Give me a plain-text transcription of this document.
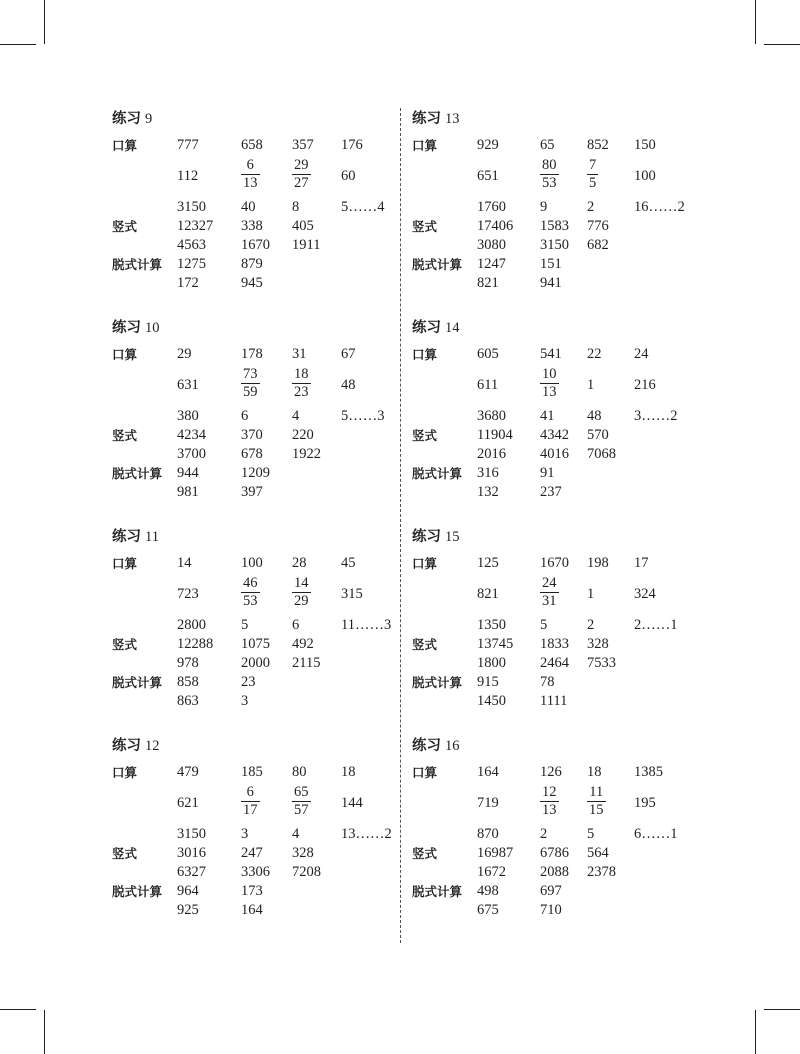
练习 9
口算	777	658 357 176
112	$\frac{6}{13} \frac{29}{27} 60$
3150 40	8	5……4
竖式	12327 338 405
4563 1670 1911
脱式计算 1275 879
172	945
练习 10
口算	29	178 31 67
631	$\frac{73}{59} \frac{18}{23} 48$
380	6	4	5……3
竖式	4234 370 220
3700 678 1922
脱式计算 944	1209
981	397
练习 11
口算	14	100 28 45
723	$\frac{46}{53} \frac{14}{29} 315$
2800 5	6	11……3
竖式	12288 1075 492
978	2000 2115
脱式计算 858	23
863	3
练习 12
口算	479	185 80 18
621	$\frac{6}{17} \frac{65}{57} 144$
3150 3	4	13……2
竖式	3016 247 328
6327 3306 7208
脱式计算 964	173
925	164
练习 13
口算	929	65 852 150
651	$\frac{80}{53} \frac{7}{5} 100$
1760 9	2	16……2
竖式	17406 1583 776
3080 3150 682
脱式计算 1247 151
821	941
练习 14
口算	605	541 22 24
611	$\frac{10}{13} 1$	216
3680 41 48 3……2
竖式	11904 4342 570
2016 4016 7068
脱式计算 316	91
132	237
练习 15
口算	125	1670 198 17
821	$\frac{24}{31} 1$	324
1350 5	2	2……1
竖式	13745 1833 328
1800 2464 7533
脱式计算 915	78
1450 1111
练习 16
口算	164	126 18 1385
719	$\frac{12}{13} \frac{11}{15} 195$
870	2	5	6……1
竖式	16987 6786 564
1672 2088 2378
脱式计算 498	697
675	710
